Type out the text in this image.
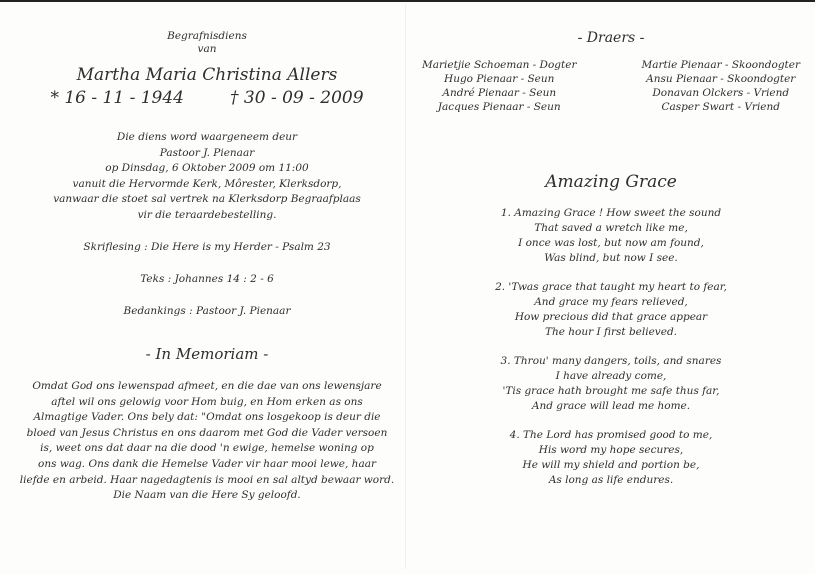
Begrafnisdiens
van
Martha Maria Christina Allers
* 16 - 11 - 1944	† 30 - 09 - 2009
Die diens word waargeneem deur
Pastoor J. Pienaar
op Dinsdag, 6 Oktober 2009 om 11:00
vanuit die Hervormde Kerk, Môrester, Klerksdorp,
vanwaar die stoet sal vertrek na Klerksdorp Begraafplaas
vir die teraardebestelling.
Skriflesing : Die Here is my Herder - Psalm 23
Teks : Johannes 14 : 2 - 6
Bedankings : Pastoor J. Pienaar
- In Memoriam -
Omdat God ons lewenspad afmeet, en die dae van ons lewensjare
aftel wil ons gelowig voor Hom buig, en Hom erken as ons
Almagtige Vader. Ons bely dat: "Omdat ons losgekoop is deur die
bloed van Jesus Christus en ons daarom met God die Vader versoen
is, weet ons dat daar na die dood 'n ewige, hemelse woning op
ons wag. Ons dank die Hemelse Vader vir haar mooi lewe, haar
liefde en arbeid. Haar nagedagtenis is mooi en sal altyd bewaar word.
Die Naam van die Here Sy geloofd.
- Draers -
Marietjie Schoeman - Dogter
Hugo Pienaar - Seun
André Pienaar - Seun
Jacques Pienaar - Seun
Martie Pienaar - Skoondogter
Ansu Pienaar - Skoondogter
Donavan Olckers - Vriend
Casper Swart - Vriend
Amazing Grace
1. Amazing Grace ! How sweet the sound
That saved a wretch like me,
I once was lost, but now am found,
Was blind, but now I see.
2. 'Twas grace that taught my heart to fear,
And grace my fears relieved,
How precious did that grace appear
The hour I first believed.
3. Throu' many dangers, toils, and snares
I have already come,
'Tis grace hath brought me safe thus far,
And grace will lead me home.
4. The Lord has promised good to me,
His word my hope secures,
He will my shield and portion be,
As long as life endures.
